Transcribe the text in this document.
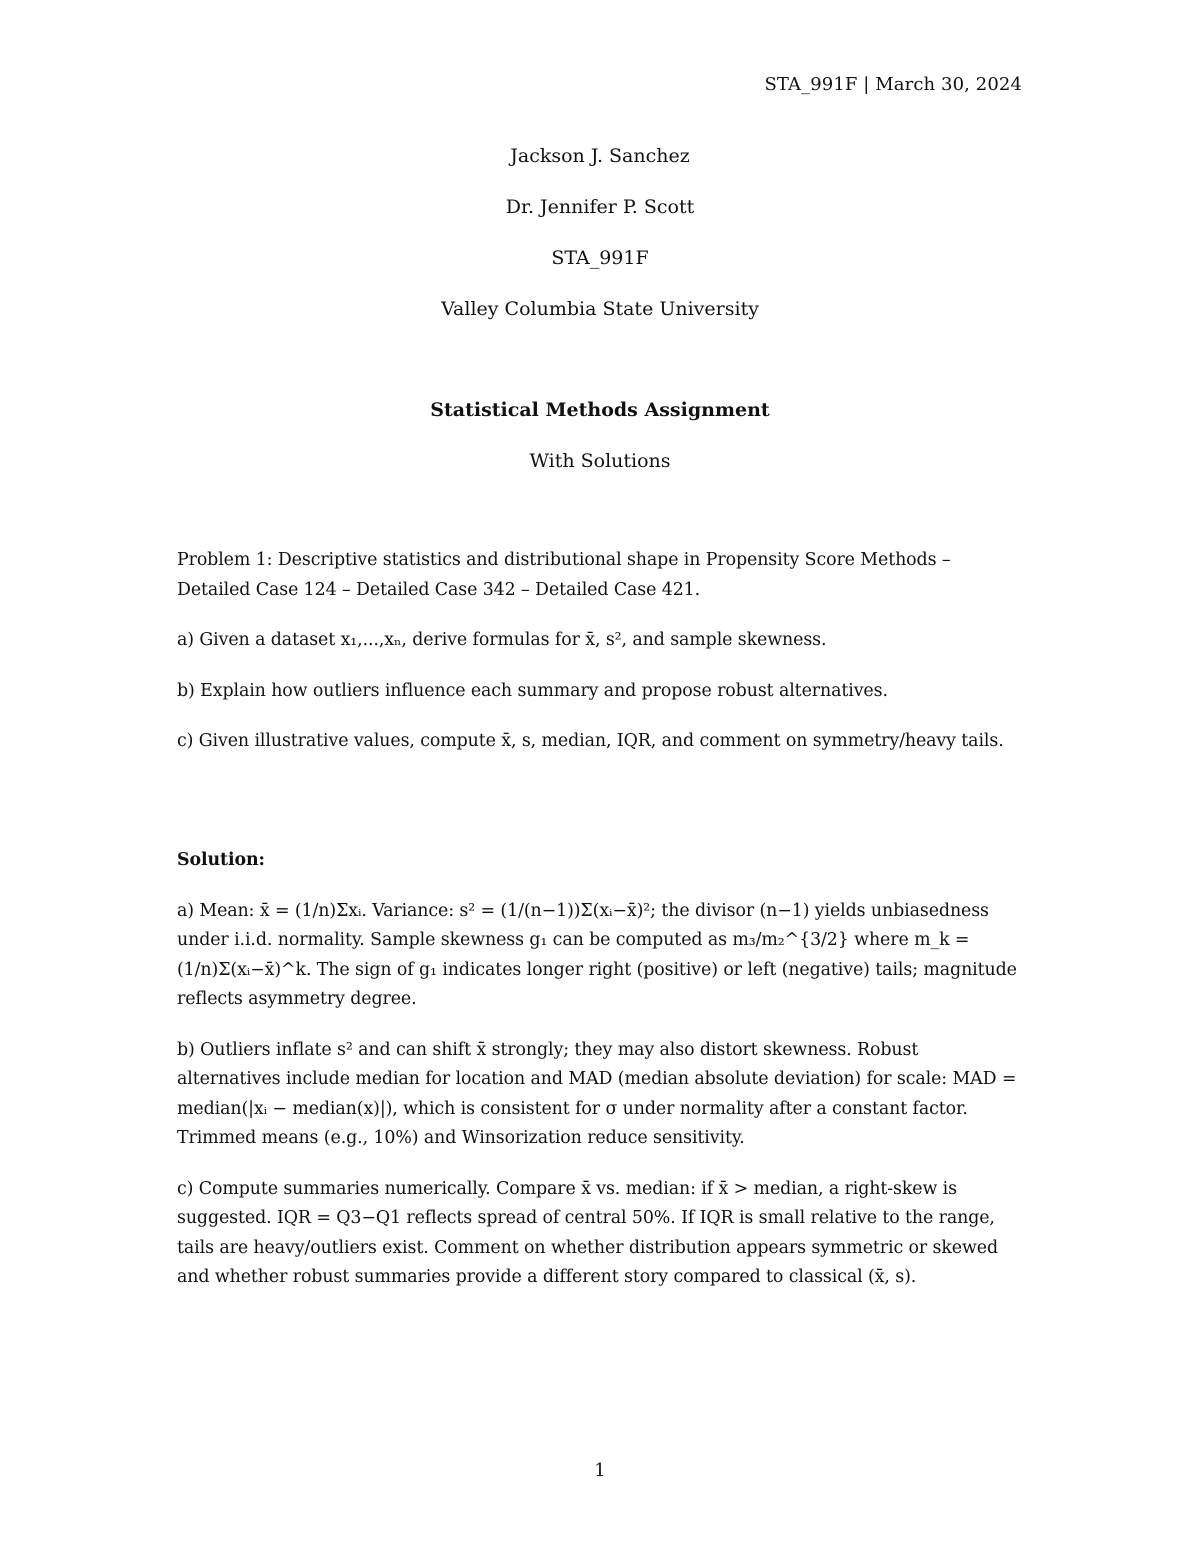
STA_991F | March 30, 2024
Jackson J. Sanchez
Dr. Jennifer P. Scott
STA_991F
Valley Columbia State University
Statistical Methods Assignment
With Solutions

Problem 1: Descriptive statistics and distributional shape in Propensity Score Methods – Detailed Case 124 – Detailed Case 342 – Detailed Case 421.

a) Given a dataset x₁,...,xₙ, derive formulas for x̄, s², and sample skewness.

b) Explain how outliers influence each summary and propose robust alternatives.

c) Given illustrative values, compute x̄, s, median, IQR, and comment on symmetry/heavy tails.

Solution:

a) Mean: x̄ = (1/n)Σxᵢ. Variance: s² = (1/(n−1))Σ(xᵢ−x̄)²; the divisor (n−1) yields unbiasedness under i.i.d. normality. Sample skewness g₁ can be computed as m₃/m₂^{3/2} where m_k = (1/n)Σ(xᵢ−x̄)^k. The sign of g₁ indicates longer right (positive) or left (negative) tails; magnitude reflects asymmetry degree.

b) Outliers inflate s² and can shift x̄ strongly; they may also distort skewness. Robust alternatives include median for location and MAD (median absolute deviation) for scale: MAD = median(|xᵢ − median(x)|), which is consistent for σ under normality after a constant factor. Trimmed means (e.g., 10%) and Winsorization reduce sensitivity.

c) Compute summaries numerically. Compare x̄ vs. median: if x̄ > median, a right-skew is suggested. IQR = Q3−Q1 reflects spread of central 50%. If IQR is small relative to the range, tails are heavy/outliers exist. Comment on whether distribution appears symmetric or skewed and whether robust summaries provide a different story compared to classical (x̄, s).

1
